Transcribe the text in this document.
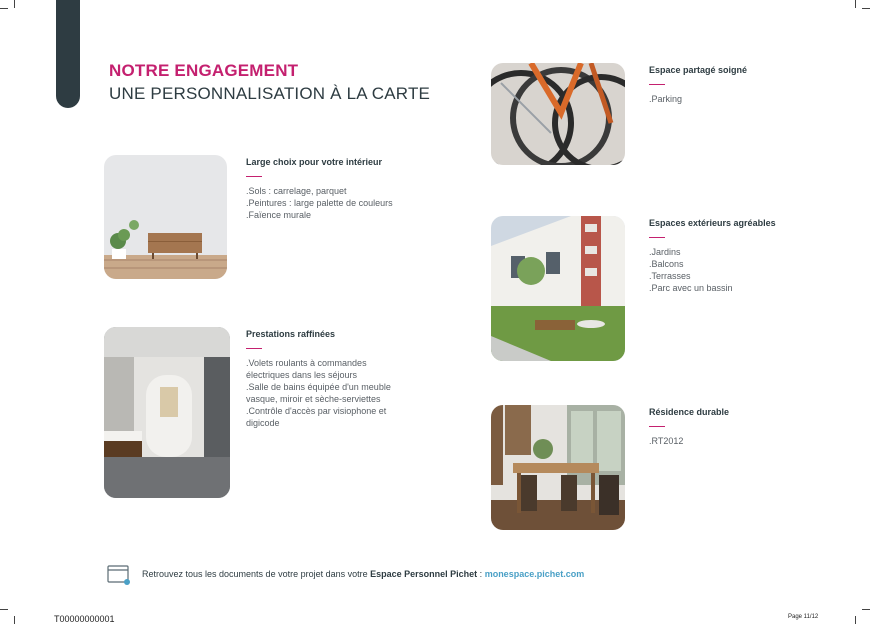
NOTRE ENGAGEMENT
UNE PERSONNALISATION À LA CARTE
Large choix pour votre intérieur
.Sols : carrelage, parquet
.Peintures : large palette de couleurs
.Faïence murale
Prestations raffinées
.Volets roulants à commandes
électriques dans les séjours
.Salle de bains équipée d'un meuble
vasque, miroir et sèche-serviettes
.Contrôle d'accès par visiophone et
digicode
Espace partagé soigné
.Parking
Espaces extérieurs agréables
.Jardins
.Balcons
.Terrasses
.Parc avec un bassin
Résidence durable
.RT2012
Retrouvez tous les documents de votre projet dans votre Espace Personnel Pichet : monespace.pichet.com
T00000000001	Page 11/12
